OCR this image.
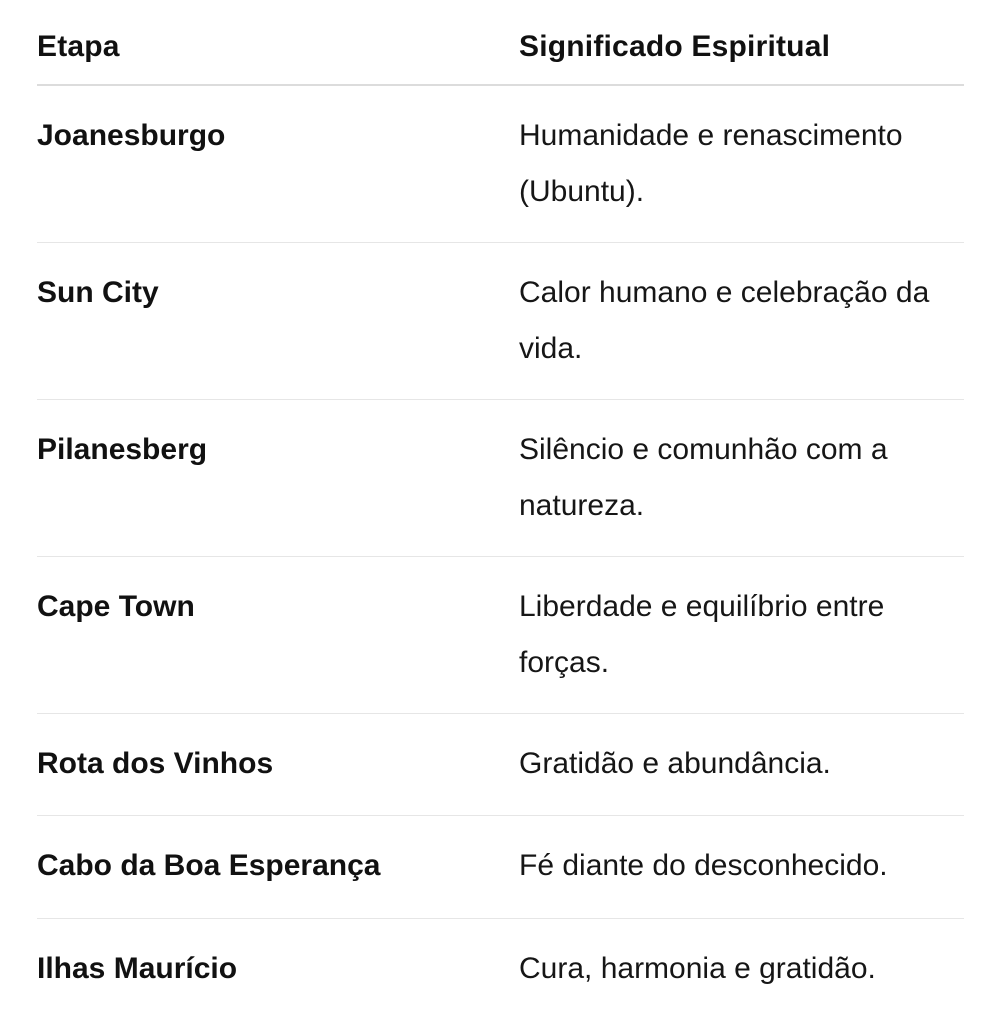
Etapa	Significado Espiritual
Joanesburgo	Humanidade e renascimento (Ubuntu).
Sun City	Calor humano e celebração da vida.
Pilanesberg	Silêncio e comunhão com a natureza.
Cape Town	Liberdade e equilíbrio entre forças.
Rota dos Vinhos	Gratidão e abundância.
Cabo da Boa Esperança	Fé diante do desconhecido.
Ilhas Maurício	Cura, harmonia e gratidão.
